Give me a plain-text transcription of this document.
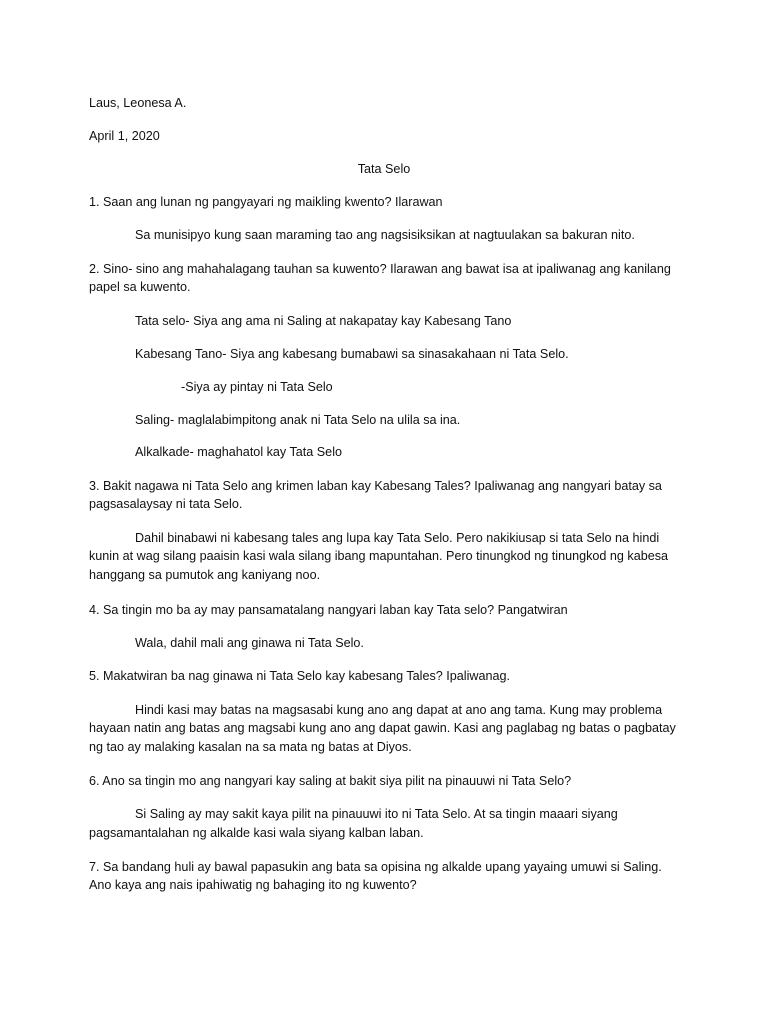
Laus, Leonesa A.

April 1, 2020

Tata Selo

1. Saan ang lunan ng pangyayari ng maikling kwento? Ilarawan

Sa munisipyo kung saan maraming tao ang nagsisiksikan at nagtuulakan sa bakuran nito.

2. Sino- sino ang mahahalagang tauhan sa kuwento? Ilarawan ang bawat isa at ipaliwanag ang kanilang

papel sa kuwento.

Tata selo- Siya ang ama ni Saling at nakapatay kay Kabesang Tano

Kabesang Tano- Siya ang kabesang bumabawi sa sinasakahaan ni Tata Selo.

-Siya ay pintay ni Tata Selo

Saling- maglalabimpitong anak ni Tata Selo na ulila sa ina.

Alkalkade- maghahatol kay Tata Selo

3. Bakit nagawa ni Tata Selo ang krimen laban kay Kabesang Tales? Ipaliwanag ang nangyari batay sa

pagsasalaysay ni tata Selo.

Dahil binabawi ni kabesang tales ang lupa kay Tata Selo. Pero nakikiusap si tata Selo na hindi

kunin at wag silang paaisin kasi wala silang ibang mapuntahan. Pero tinungkod ng tinungkod ng kabesa

hanggang sa pumutok ang kaniyang noo.

4. Sa tingin mo ba ay may pansamatalang nangyari laban kay Tata selo? Pangatwiran

Wala, dahil mali ang ginawa ni Tata Selo.

5. Makatwiran ba nag ginawa ni Tata Selo kay kabesang Tales? Ipaliwanag.

Hindi kasi may batas na magsasabi kung ano ang dapat at ano ang tama. Kung may problema

hayaan natin ang batas ang magsabi kung ano ang dapat gawin. Kasi ang paglabag ng batas o pagbatay

ng tao ay malaking kasalan na sa mata ng batas at Diyos.

6. Ano sa tingin mo ang nangyari kay saling at bakit siya pilit na pinauuwi ni Tata Selo?

Si Saling ay may sakit kaya pilit na pinauuwi ito ni Tata Selo. At sa tingin maaari siyang

pagsamantalahan ng alkalde kasi wala siyang kalban laban.

7. Sa bandang huli ay bawal papasukin ang bata sa opisina ng alkalde upang yayaing umuwi si Saling.

Ano kaya ang nais ipahiwatig ng bahaging ito ng kuwento?
